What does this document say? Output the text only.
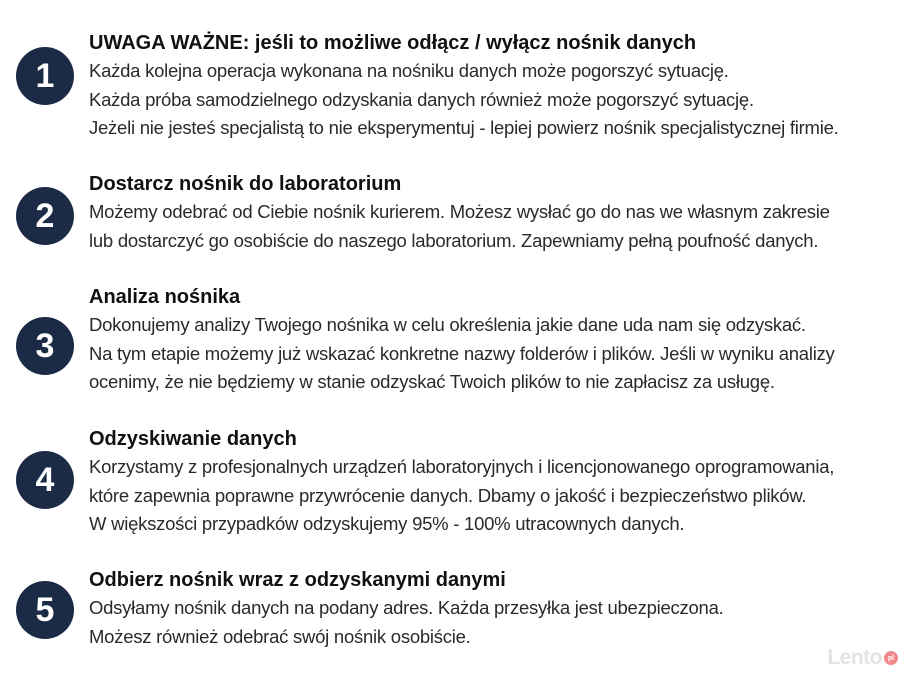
1
UWAGA WAŻNE: jeśli to możliwe odłącz / wyłącz nośnik danych
Każda kolejna operacja wykonana na nośniku danych może pogorszyć sytuację.
Każda próba samodzielnego odzyskania danych również może pogorszyć sytuację.
Jeżeli nie jesteś specjalistą to nie eksperymentuj - lepiej powierz nośnik specjalistycznej firmie.
2
Dostarcz nośnik do laboratorium
Możemy odebrać od Ciebie nośnik kurierem. Możesz wysłać go do nas we własnym zakresie
lub dostarczyć go osobiście do naszego laboratorium. Zapewniamy pełną poufność danych.
3
Analiza nośnika
Dokonujemy analizy Twojego nośnika w celu określenia jakie dane uda nam się odzyskać.
Na tym etapie możemy już wskazać konkretne nazwy folderów i plików. Jeśli w wyniku analizy
ocenimy, że nie będziemy w stanie odzyskać Twoich plików to nie zapłacisz za usługę.
4
Odzyskiwanie danych
Korzystamy z profesjonalnych urządzeń laboratoryjnych i licencjonowanego oprogramowania,
które zapewnia poprawne przywrócenie danych. Dbamy o jakość i bezpieczeństwo plików.
W większości przypadków odzyskujemy 95% - 100% utracownych danych.
5
Odbierz nośnik wraz z odzyskanymi danymi
Odsyłamy nośnik danych na podany adres. Każda przesyłka jest ubezpieczona.
Możesz również odebrać swój nośnik osobiście.
Lento pl
